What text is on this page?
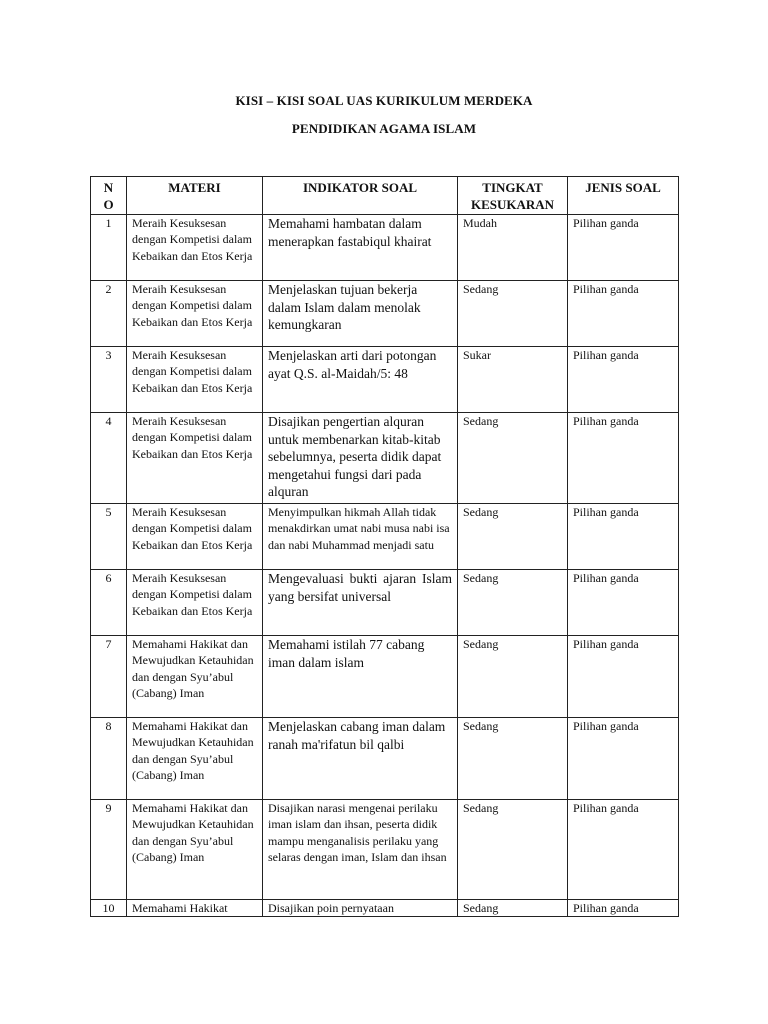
KISI – KISI SOAL UAS KURIKULUM MERDEKA
PENDIDIKAN AGAMA ISLAM
N O	MATERI	INDIKATOR SOAL	TINGKAT KESUKARAN	JENIS SOAL
1	Meraih Kesuksesan dengan Kompetisi dalam Kebaikan dan Etos Kerja	Memahami hambatan dalam menerapkan fastabiqul khairat	Mudah	Pilihan ganda
2	Meraih Kesuksesan dengan Kompetisi dalam Kebaikan dan Etos Kerja	Menjelaskan tujuan bekerja dalam Islam dalam menolak kemungkaran	Sedang	Pilihan ganda
3	Meraih Kesuksesan dengan Kompetisi dalam Kebaikan dan Etos Kerja	Menjelaskan arti dari potongan ayat Q.S. al-Maidah/5: 48	Sukar	Pilihan ganda
4	Meraih Kesuksesan dengan Kompetisi dalam Kebaikan dan Etos Kerja	Disajikan pengertian alquran untuk membenarkan kitab-kitab sebelumnya, peserta didik dapat mengetahui fungsi dari pada alquran	Sedang	Pilihan ganda
5	Meraih Kesuksesan dengan Kompetisi dalam Kebaikan dan Etos Kerja	Menyimpulkan hikmah Allah tidak menakdirkan umat nabi musa nabi isa dan nabi Muhammad menjadi satu	Sedang	Pilihan ganda
6	Meraih Kesuksesan dengan Kompetisi dalam Kebaikan dan Etos Kerja	Mengevaluasi bukti ajaran Islam yang bersifat universal	Sedang	Pilihan ganda
7	Memahami Hakikat dan Mewujudkan Ketauhidan dan dengan Syu’abul (Cabang) Iman	Memahami istilah 77 cabang iman dalam islam	Sedang	Pilihan ganda
8	Memahami Hakikat dan Mewujudkan Ketauhidan dan dengan Syu’abul (Cabang) Iman	Menjelaskan cabang iman dalam ranah ma'rifatun bil qalbi	Sedang	Pilihan ganda
9	Memahami Hakikat dan Mewujudkan Ketauhidan dan dengan Syu’abul (Cabang) Iman	Disajikan narasi mengenai perilaku iman islam dan ihsan, peserta didik mampu menganalisis perilaku yang selaras dengan iman, Islam dan ihsan	Sedang	Pilihan ganda
10	Memahami Hakikat	Disajikan poin pernyataan	Sedang	Pilihan ganda
